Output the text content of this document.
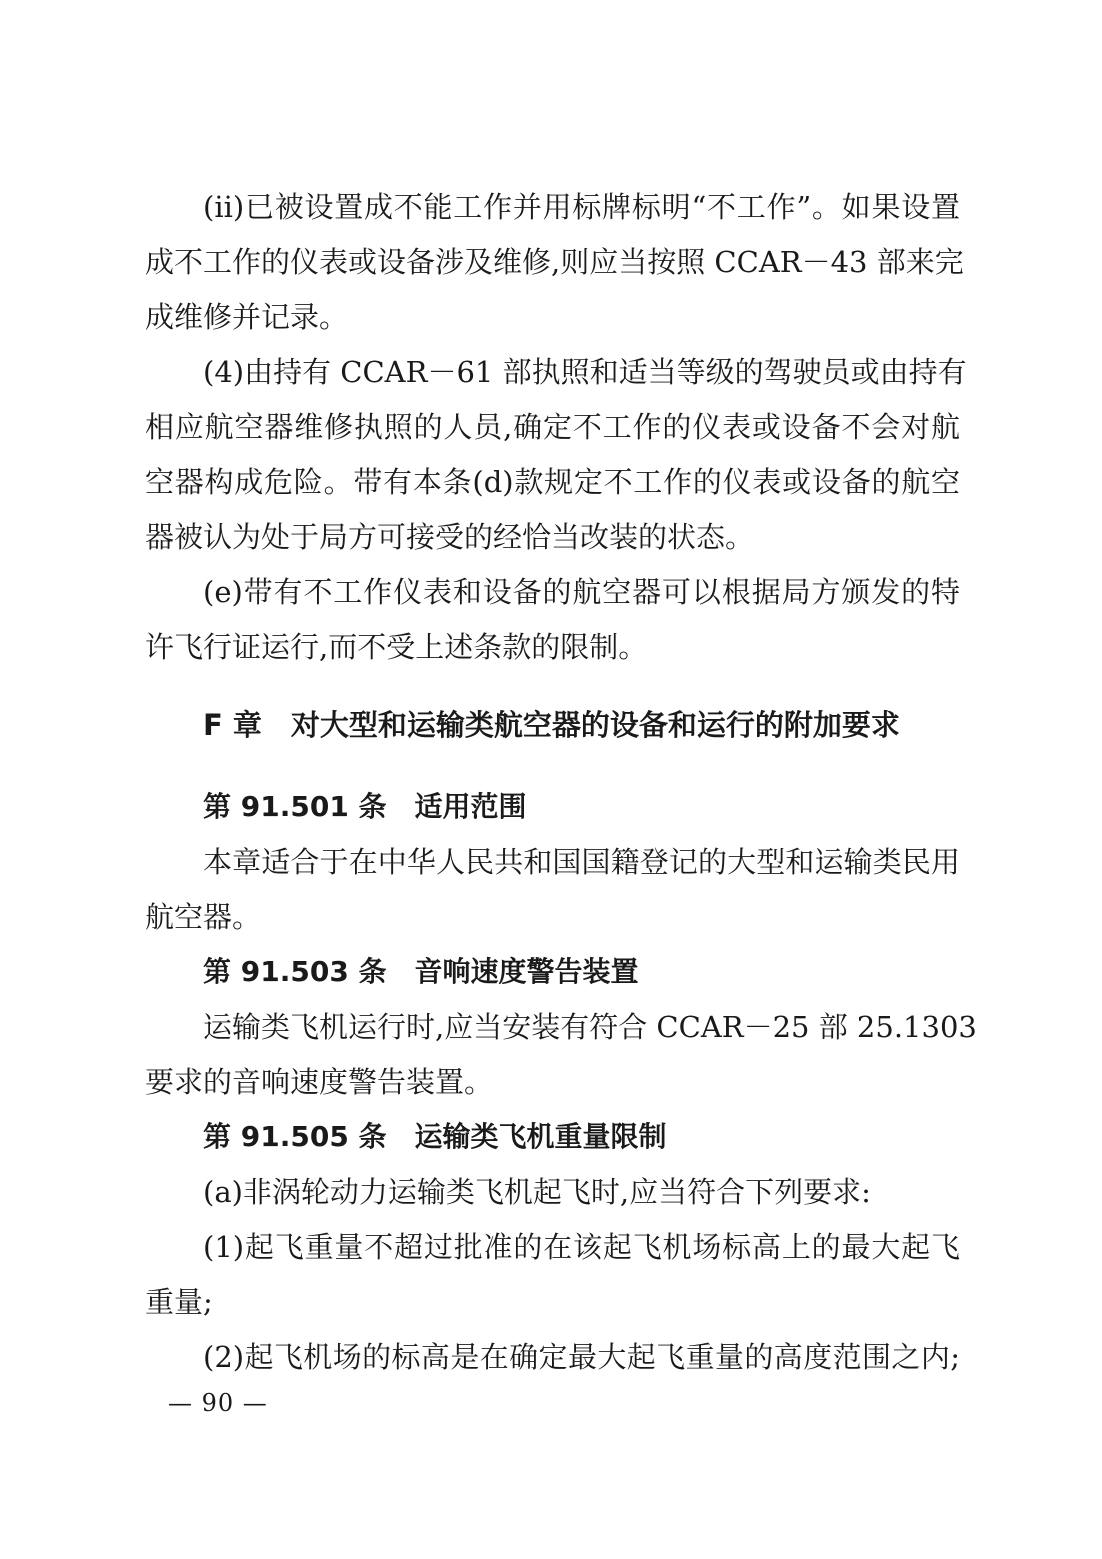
(ii)已被设置成不能工作并用标牌标明“不工作”。如果设置
成不工作的仪表或设备涉及维修,则应当按照 CCAR－43 部来完
成维修并记录。
(4)由持有 CCAR－61 部执照和适当等级的驾驶员或由持有
相应航空器维修执照的人员,确定不工作的仪表或设备不会对航
空器构成危险。带有本条(d)款规定不工作的仪表或设备的航空
器被认为处于局方可接受的经恰当改装的状态。
(e)带有不工作仪表和设备的航空器可以根据局方颁发的特
许飞行证运行,而不受上述条款的限制。
F 章　对大型和运输类航空器的设备和运行的附加要求
第 91.501 条　适用范围
本章适合于在中华人民共和国国籍登记的大型和运输类民用
航空器。
第 91.503 条　音响速度警告装置
运输类飞机运行时,应当安装有符合 CCAR－25 部 25.1303
要求的音响速度警告装置。
第 91.505 条　运输类飞机重量限制
(a)非涡轮动力运输类飞机起飞时,应当符合下列要求:
(1)起飞重量不超过批准的在该起飞机场标高上的最大起飞
重量;
(2)起飞机场的标高是在确定最大起飞重量的高度范围之内;
— 90 —
